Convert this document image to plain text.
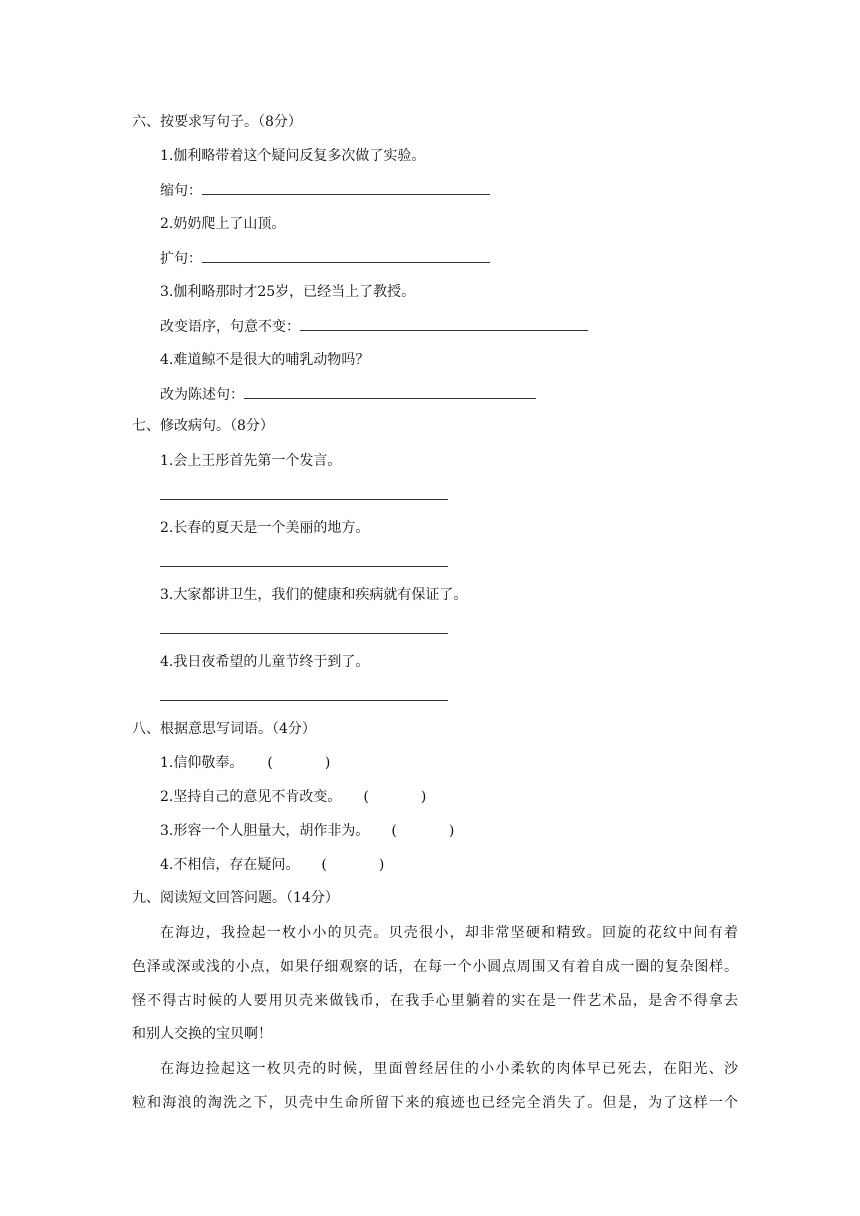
六、按要求写句子。（8分）
1.伽利略带着这个疑问反复多次做了实验。
缩句：
2.奶奶爬上了山顶。
扩句：
3.伽利略那时才25岁，已经当上了教授。
改变语序，句意不变：
4.难道鲸不是很大的哺乳动物吗？
改为陈述句：
七、修改病句。（8分）
1.会上王彤首先第一个发言。
2.长春的夏天是一个美丽的地方。
3.大家都讲卫生，我们的健康和疾病就有保证了。
4.我日夜希望的儿童节终于到了。
八、根据意思写词语。（4分）
1.信仰敬奉。 (	)
2.坚持自己的意见不肯改变。 (	)
3.形容一个人胆量大，胡作非为。 (	)
4.不相信，存在疑问。 (	)
九、阅读短文回答问题。（14分）
在海边，我捡起一枚小小的贝壳。贝壳很小，却非常坚硬和精致。回旋的花纹中间有着
色泽或深或浅的小点，如果仔细观察的话，在每一个小圆点周围又有着自成一圈的复杂图样。
怪不得古时候的人要用贝壳来做钱币，在我手心里躺着的实在是一件艺术品，是舍不得拿去
和别人交换的宝贝啊！
在海边捡起这一枚贝壳的时候，里面曾经居住的小小柔软的肉体早已死去，在阳光、沙
粒和海浪的淘洗之下，贝壳中生命所留下来的痕迹也已经完全消失了。但是，为了这样一个
